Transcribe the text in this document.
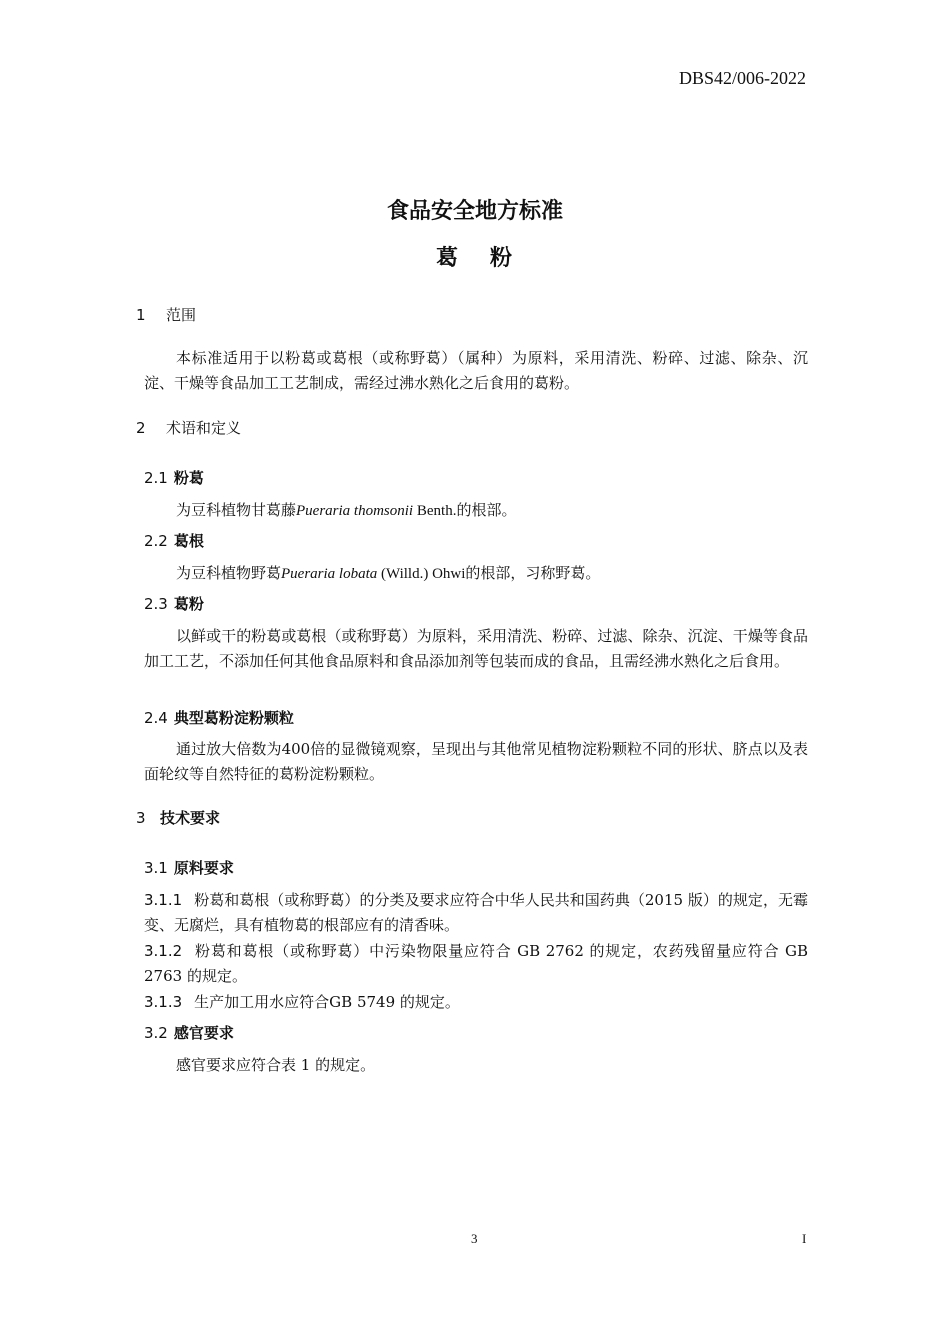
DBS42/006-2022
食品安全地方标准
葛 粉
1 范围
本标准适用于以粉葛或葛根（或称野葛）（属种）为原料，采用清洗、粉碎、过滤、除杂、沉淀、干燥等食品加工工艺制成，需经过沸水熟化之后食用的葛粉。
2 术语和定义
2.1 粉葛
为豆科植物甘葛藤Pueraria thomsonii Benth.的根部。
2.2 葛根
为豆科植物野葛Pueraria lobata (Willd.) Ohwi的根部，习称野葛。
2.3 葛粉
以鲜或干的粉葛或葛根（或称野葛）为原料，采用清洗、粉碎、过滤、除杂、沉淀、干燥等食品加工工艺，不添加任何其他食品原料和食品添加剂等包装而成的食品，且需经沸水熟化之后食用。
2.4 典型葛粉淀粉颗粒
通过放大倍数为400倍的显微镜观察，呈现出与其他常见植物淀粉颗粒不同的形状、脐点以及表面轮纹等自然特征的葛粉淀粉颗粒。
3 技术要求
3.1 原料要求
3.1.1 粉葛和葛根（或称野葛）的分类及要求应符合中华人民共和国药典（2015 版）的规定，无霉变、无腐烂，具有植物葛的根部应有的清香味。
3.1.2 粉葛和葛根（或称野葛）中污染物限量应符合 GB 2762 的规定，农药残留量应符合 GB 2763 的规定。
3.1.3 生产加工用水应符合GB 5749 的规定。
3.2 感官要求
感官要求应符合表 1 的规定。
3	I
